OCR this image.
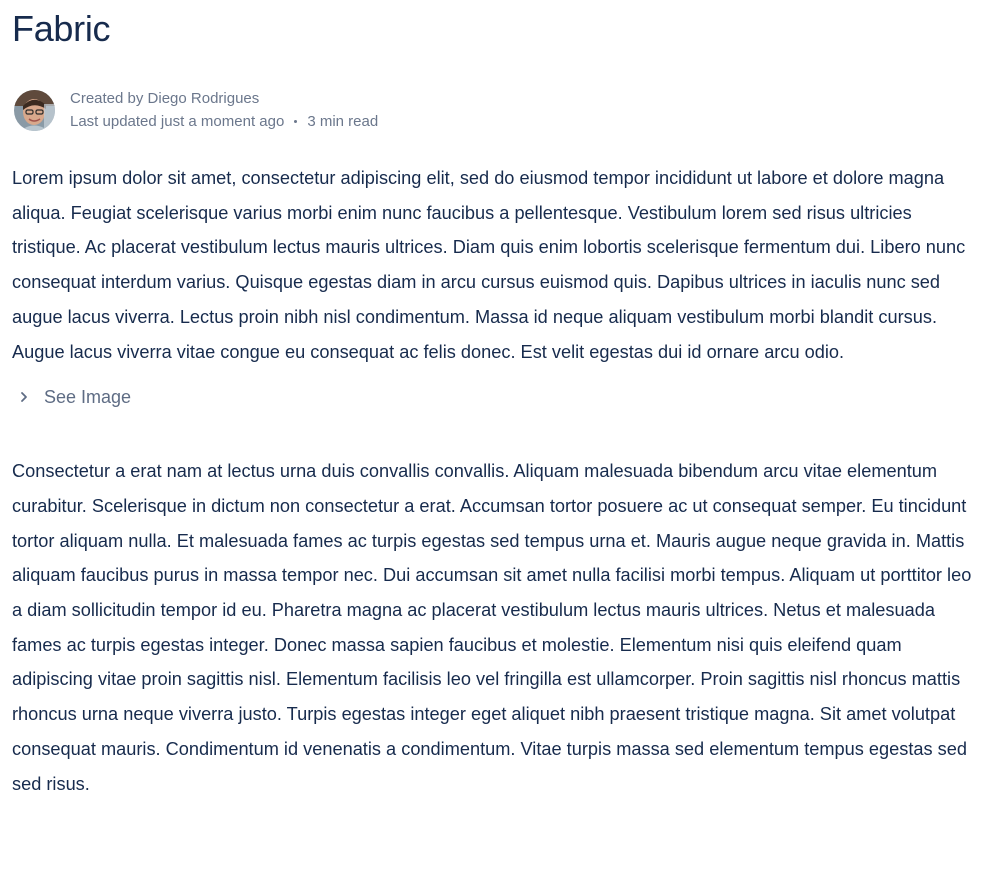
Fabric
Created by Diego Rodrigues
Last updated just a moment ago 3 min read

Lorem ipsum dolor sit amet, consectetur adipiscing elit, sed do eiusmod tempor incididunt ut labore et dolore magna aliqua. Feugiat scelerisque varius morbi enim nunc faucibus a pellentesque. Vestibulum lorem sed risus ultricies tristique. Ac placerat vestibulum lectus mauris ultrices. Diam quis enim lobortis scelerisque fermentum dui. Libero nunc consequat interdum varius. Quisque egestas diam in arcu cursus euismod quis. Dapibus ultrices in iaculis nunc sed augue lacus viverra. Lectus proin nibh nisl condimentum. Massa id neque aliquam vestibulum morbi blandit cursus. Augue lacus viverra vitae congue eu consequat ac felis donec. Est velit egestas dui id ornare arcu odio.

See Image

Consectetur a erat nam at lectus urna duis convallis convallis. Aliquam malesuada bibendum arcu vitae elementum curabitur. Scelerisque in dictum non consectetur a erat. Accumsan tortor posuere ac ut consequat semper. Eu tincidunt tortor aliquam nulla. Et malesuada fames ac turpis egestas sed tempus urna et. Mauris augue neque gravida in. Mattis aliquam faucibus purus in massa tempor nec. Dui accumsan sit amet nulla facilisi morbi tempus. Aliquam ut porttitor leo a diam sollicitudin tempor id eu. Pharetra magna ac placerat vestibulum lectus mauris ultrices. Netus et malesuada fames ac turpis egestas integer. Donec massa sapien faucibus et molestie. Elementum nisi quis eleifend quam adipiscing vitae proin sagittis nisl. Elementum facilisis leo vel fringilla est ullamcorper. Proin sagittis nisl rhoncus mattis rhoncus urna neque viverra justo. Turpis egestas integer eget aliquet nibh praesent tristique magna. Sit amet volutpat consequat mauris. Condimentum id venenatis a condimentum. Vitae turpis massa sed elementum tempus egestas sed sed risus.
